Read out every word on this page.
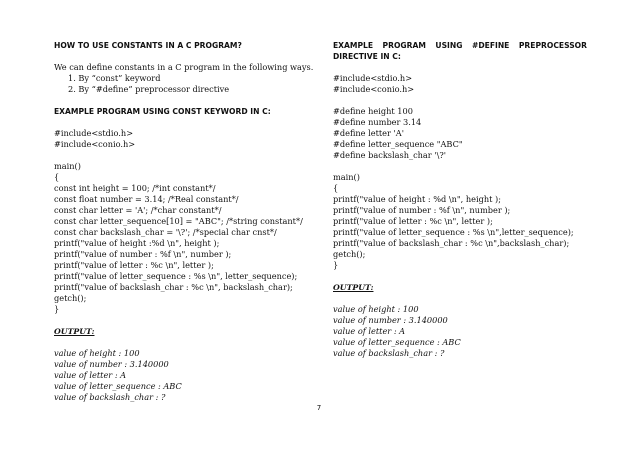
HOW TO USE CONSTANTS IN A C PROGRAM?
We can define constants in a C program in the following ways.
1. By “const” keyword
2. By “#define” preprocessor directive
EXAMPLE PROGRAM USING CONST KEYWORD IN C:
#include<stdio.h>
#include<conio.h>
main()
{
const int height = 100; /*int constant*/
const float number = 3.14; /*Real constant*/
const char letter = 'A'; /*char constant*/
const char letter_sequence[10] = "ABC"; /*string constant*/
const char backslash_char = '\?'; /*special char cnst*/
printf("value of height :%d \n", height );
printf("value of number : %f \n", number );
printf("value of letter : %c \n", letter );
printf("value of letter_sequence : %s \n", letter_sequence);
printf("value of backslash_char : %c \n", backslash_char);
getch();
}
OUTPUT:
value of height : 100
value of number : 3.140000
value of letter : A
value of letter_sequence : ABC
value of backslash_char : ?
EXAMPLE PROGRAM USING #DEFINE PREPROCESSOR
DIRECTIVE IN C:
#include<stdio.h>
#include<conio.h>
#define height 100
#define number 3.14
#define letter 'A'
#define letter_sequence "ABC"
#define backslash_char '\?'
main()
{
printf("value of height : %d \n", height );
printf("value of number : %f \n", number );
printf("value of letter : %c \n", letter );
printf("value of letter_sequence : %s \n",letter_sequence);
printf("value of backslash_char : %c \n",backslash_char);
getch();
}
OUTPUT:
value of height : 100
value of number : 3.140000
value of letter : A
value of letter_sequence : ABC
value of backslash_char : ?
7
